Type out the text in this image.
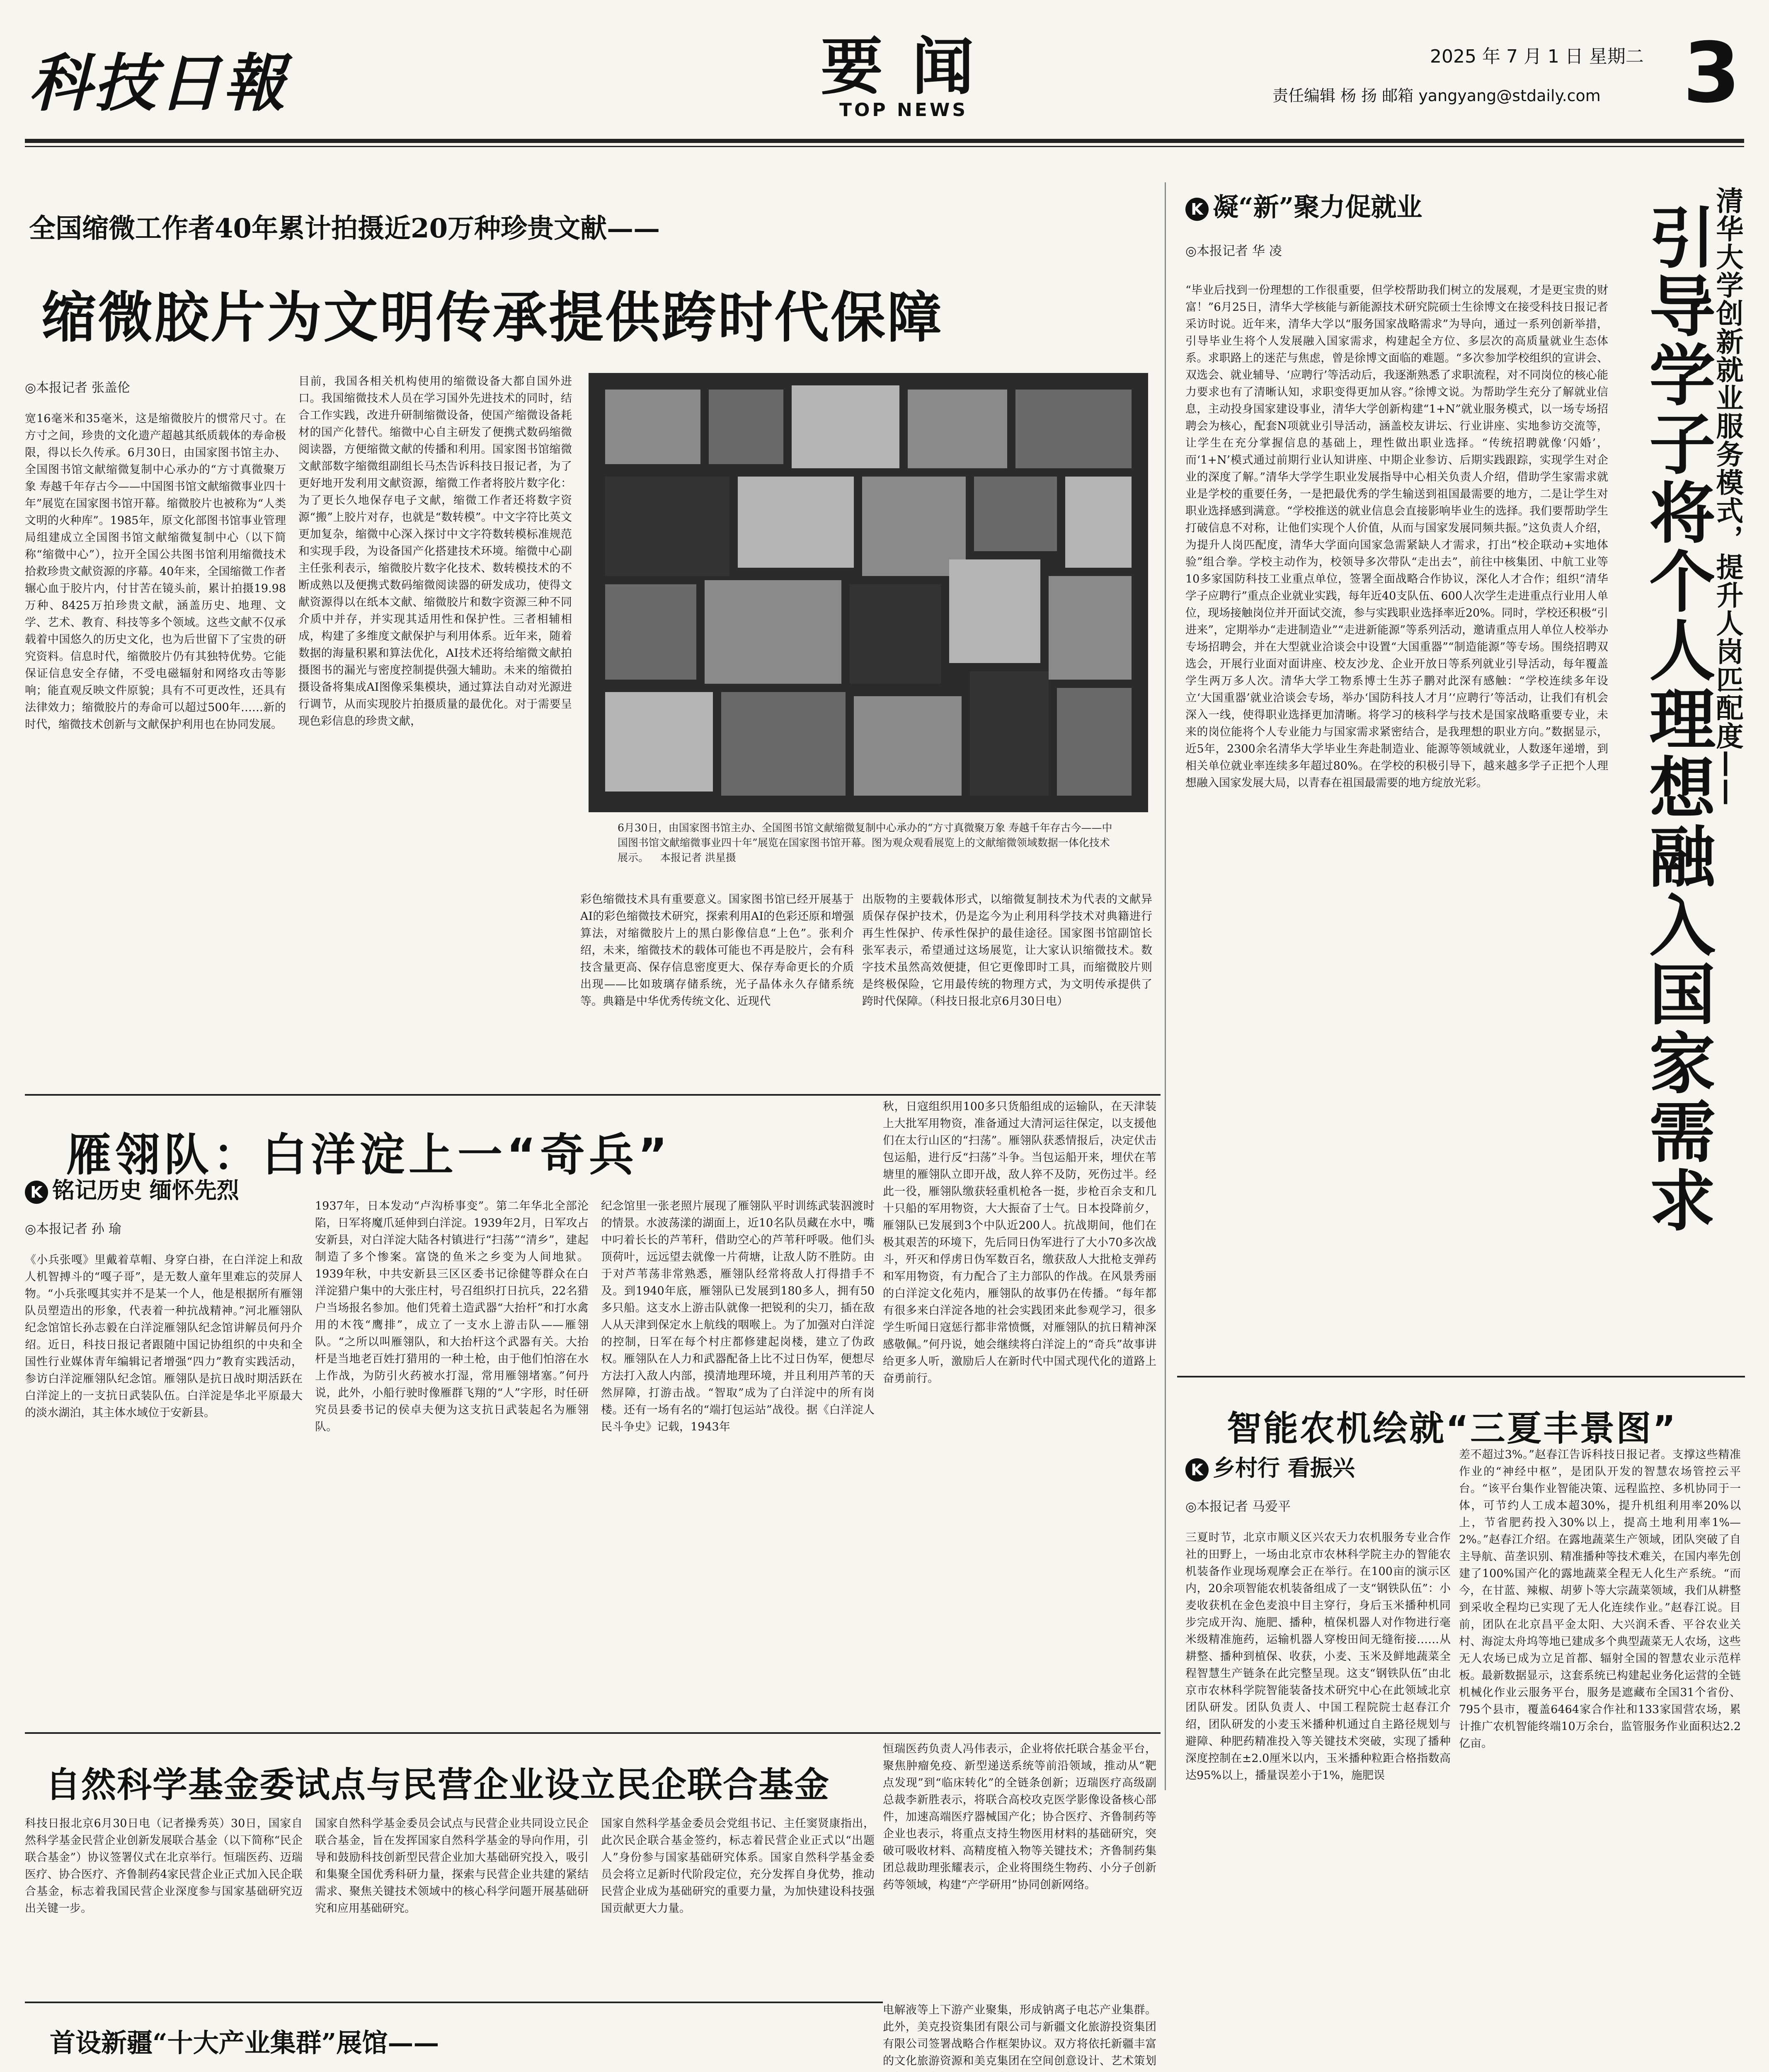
科技日報	要闻
TOP NEWS
2025 年 7 月 1 日 星期二
责任编辑 杨 扬 邮箱 yangyang@stdaily.com 3
全国缩微工作者40年累计拍摄近20万种珍贵文献——
缩微胶片为文明传承提供跨时代保障
◎本报记者 张盖伦
宽16毫米和35毫米，这是缩微胶片的惯常尺寸。在方寸之间，珍贵的文化遗产超越其纸质载体的寿命极限，得以长久传承。6月30日，由国家图书馆主办、全国图书馆文献缩微复制中心承办的“方寸真微聚万象 寿越千年存古今——中国图书馆文献缩微事业四十年”展览在国家图书馆开幕。缩微胶片也被称为“人类文明的火种库”。1985年，原文化部图书馆事业管理局组建成立全国图书馆文献缩微复制中心（以下简称“缩微中心”），拉开全国公共图书馆利用缩微技术拾救珍贵文献资源的序幕。40年来，全国缩微工作者辗心血于胶片内，付甘苦在镜头前，累计拍摄19.98万种、8425万拍珍贵文献，涵盖历史、地理、文学、艺术、教育、科技等多个领域。这些文献不仅承载着中国悠久的历史文化，也为后世留下了宝贵的研究资料。信息时代，缩微胶片仍有其独特优势。它能保证信息安全存储，不受电磁辐射和网络攻击等影响；能直观反映文件原貌；具有不可更改性，还具有法律效力；缩微胶片的寿命可以超过500年……新的时代，缩微技术创新与文献保护利用也在协同发展。
目前，我国各相关机构使用的缩微设备大都自国外进口。我国缩微技术人员在学习国外先进技术的同时，结合工作实践，改进升研制缩微设备，使国产缩微设备耗材的国产化替代。缩微中心自主研发了便携式数码缩微阅读器，方便缩微文献的传播和利用。国家图书馆缩微文献部数字缩微组副组长马杰告诉科技日报记者，为了更好地开发利用文献资源，缩微工作者将胶片数字化：为了更长久地保存电子文献，缩微工作者还将数字资源“搬”上胶片对存，也就是“数转模”。中文字符比英文更加复杂，缩微中心深入探讨中文字符数转模标准规范和实现手段，为设备国产化搭建技术环境。缩微中心副主任张利表示，缩微胶片数字化技术、数转模技术的不断成熟以及便携式数码缩微阅读器的研发成功，使得文献资源得以在纸本文献、缩微胶片和数字资源三种不同介质中并存，并实现其适用性和保护性。三者相辅相成，构建了多维度文献保护与利用体系。近年来，随着数据的海量积累和算法优化，AI技术还将给缩微文献拍摄图书的漏光与密度控制提供强大辅助。未来的缩微拍摄设备将集成AI图像采集模块，通过算法自动对光源进行调节，从而实现胶片拍摄质量的最优化。对于需要呈现色彩信息的珍贵文献，
6月30日，由国家图书馆主办、全国图书馆文献缩微复制中心承办的“方寸真微聚万象 寿越千年存古今——中国图书馆文献缩微事业四十年”展览在国家图书馆开幕。图为观众观看展览上的文献缩微领域数据一体化技术展示。 本报记者 洪星摄
彩色缩微技术具有重要意义。国家图书馆已经开展基于AI的彩色缩微技术研究，探索利用AI的色彩还原和增强算法，对缩微胶片上的黑白影像信息“上色”。张利介绍，未来，缩微技术的载体可能也不再是胶片，会有科技含量更高、保存信息密度更大、保存寿命更长的介质出现——比如玻璃存储系统，光子晶体永久存储系统等。典籍是中华优秀传统文化、近现代
出版物的主要载体形式，以缩微复制技术为代表的文献异质保存保护技术，仍是迄今为止利用科学技术对典籍进行再生性保护、传承性保护的最佳途径。国家图书馆副馆长张军表示，希望通过这场展览，让大家认识缩微技术。数字技术虽然高效便捷，但它更像即时工具，而缩微胶片则是终极保险，它用最传统的物理方式，为文明传承提供了跨时代保障。（科技日报北京6月30日电）
K 凝“新”聚力促就业
◎本报记者 华 凌	清华大学创新就业服务模式，提升人岗匹配度——
引导学子将个人理想融入国家需求
“毕业后找到一份理想的工作很重要，但学校帮助我们树立的发展观，才是更宝贵的财富！”6月25日，清华大学核能与新能源技术研究院硕士生徐博文在接受科技日报记者采访时说。近年来，清华大学以“服务国家战略需求”为导向，通过一系列创新举措，引导毕业生将个人发展融入国家需求，构建起全方位、多层次的高质量就业生态体系。求职路上的迷茫与焦虑，曾是徐博文面临的难题。“多次参加学校组织的宣讲会、双选会、就业辅导、‘应聘行’等活动后，我逐渐熟悉了求职流程，对不同岗位的核心能力要求也有了清晰认知，求职变得更加从容。”徐博文说。为帮助学生充分了解就业信息，主动投身国家建设事业，清华大学创新构建“1+N”就业服务模式，以一场专场招聘会为核心，配套N项就业引导活动，涵盖校友讲坛、行业讲座、实地参访交流等，让学生在充分掌握信息的基础上，理性做出职业选择。“传统招聘就像‘闪婚’，而‘1+N’模式通过前期行业认知讲座、中期企业参访、后期实践跟踪，实现学生对企业的深度了解。”清华大学学生职业发展指导中心相关负责人介绍，借助学生家需求就业是学校的重要任务，一是把最优秀的学生输送到祖国最需要的地方，二是让学生对职业选择感到满意。“学校推送的就业信息会直接影响毕业生的选择。我们要帮助学生打破信息不对称，让他们实现个人价值，从而与国家发展同频共振。”这负责人介绍，为提升人岗匹配度，清华大学面向国家急需紧缺人才需求，打出“校企联动+实地体验”组合拳。学校主动作为，校领导多次带队“走出去”，前往中核集团、中航工业等10多家国防科技工业重点单位，签署全面战略合作协议，深化人才合作；组织“清华学子应聘行”重点企业就业实践，每年近40支队伍、600人次学生走进重点行业用人单位，现场接触岗位并开面试交流，参与实践职业选择率近20%。同时，学校还积极“引进来”，定期举办“走进制造业”“走进新能源”等系列活动，邀请重点用人单位人校举办专场招聘会，并在大型就业洽谈会中设置“大国重器”“制造能源”等专场。围绕招聘双选会，开展行业面对面讲座、校友沙龙、企业开放日等系列就业引导活动，每年覆盖学生两万多人次。清华大学工物系博士生苏子鹏对此深有感触：“学校连续多年设立‘大国重器’就业洽谈会专场，举办‘国防科技人才月’‘应聘行’等活动，让我们有机会深入一线，使得职业选择更加清晰。将学习的核科学与技术是国家战略重要专业，未来的岗位能将个人专业能力与国家需求紧密结合，是我理想的职业方向。”数据显示，近5年，2300余名清华大学毕业生奔赴制造业、能源等领域就业，人数逐年递增，到相关单位就业率连续多年超过80%。在学校的积极引导下，越来越多学子正把个人理想融入国家发展大局，以青春在祖国最需要的地方绽放光彩。
雁翎队：白洋淀上一“奇兵”
K 铭记历史 缅怀先烈
◎本报记者 孙 瑜
《小兵张嘎》里戴着草帽、身穿白褂，在白洋淀上和敌人机智搏斗的“嘎子哥”，是无数人童年里难忘的荧屏人物。“小兵张嘎其实并不是某一个人，他是根据所有雁翎队员塑造出的形象，代表着一种抗战精神。”河北雁翎队纪念馆馆长孙志毅在白洋淀雁翎队纪念馆讲解员何丹介绍。近日，科技日报记者跟随中国记协组织的中央和全国性行业媒体青年编辑记者增强“四力”教育实践活动，参访白洋淀雁翎队纪念馆。雁翎队是抗日战时期活跃在白洋淀上的一支抗日武装队伍。白洋淀是华北平原最大的淡水湖泊，其主体水域位于安新县。
1937年，日本发动“卢沟桥事变”。第二年华北全部沦陷，日军将魔爪延伸到白洋淀。1939年2月，日军攻占安新县，对白洋淀大陆各村镇进行“扫荡”“清乡”，建起制造了多个惨案。富饶的鱼米之乡变为人间地狱。1939年秋，中共安新县三区区委书记徐健等群众在白洋淀猎户集中的大张庄村，号召组织打日抗兵，22名猎户当场报名参加。他们凭着土造武器“大抬杆”和打水禽用的木筏“鹰排”，成立了一支水上游击队——雁翎队。“之所以叫雁翎队，和大抬杆这个武器有关。大抬杆是当地老百姓打猎用的一种土枪，由于他们怕溶在水上作战，为防引火药被水打湿，常用雁翎堵塞。”何丹说，此外，小船行驶时像雁群飞翔的“人”字形，时任研究员县委书记的侯卓夫便为这支抗日武装起名为雁翎队。
纪念馆里一张老照片展现了雁翎队平时训练武装泅渡时的情景。水波荡漾的湖面上，近10名队员藏在水中，嘴中叼着长长的芦苇秆，借助空心的芦苇秆呼吸。他们头顶荷叶，远远望去就像一片荷塘，让敌人防不胜防。由于对芦苇荡非常熟悉，雁翎队经常将敌人打得措手不及。到1940年底，雁翎队已发展到180多人，拥有50多只船。这支水上游击队就像一把锐利的尖刀，插在敌人从天津到保定水上航线的咽喉上。为了加强对白洋淀的控制，日军在每个村庄都修建起岗楼，建立了伪政权。雁翎队在人力和武器配备上比不过日伪军，便想尽方法打入敌人内部，摸清地理环境，并且利用芦苇的天然屏障，打游击战。“智取”成为了白洋淀中的所有岗楼。还有一场有名的“端打包运站”战役。据《白洋淀人民斗争史》记载，1943年
秋，日寇组织用100多只货船组成的运输队，在天津装上大批军用物资，准备通过大清河运往保定，以支援他们在太行山区的“扫荡”。雁翎队获悉情报后，决定伏击包运船，进行反“扫荡”斗争。当包运船开来，埋伏在苇塘里的雁翎队立即开战，敌人猝不及防，死伤过半。经此一役，雁翎队缴获轻重机枪各一挺，步枪百余支和几十只船的军用物资，大大振奋了士气。日本投降前夕，雁翎队已发展到3个中队近200人。抗战期间，他们在极其艰苦的环境下，先后同日伪军进行了大小70多次战斗，歼灭和俘虏日伪军数百名，缴获敌人大批枪支弹药和军用物资，有力配合了主力部队的作战。在风景秀丽的白洋淀文化苑内，雁翎队的故事仍在传播。“每年都有很多来白洋淀各地的社会实践团来此参观学习，很多学生听闻日寇惩行都非常愤慨，对雁翎队的抗日精神深感敬佩。”何丹说，她会继续将白洋淀上的“奇兵”故事讲给更多人听，激励后人在新时代中国式现代化的道路上奋勇前行。
智能农机绘就“三夏丰景图”
K 乡村行 看振兴
◎本报记者 马爱平
三夏时节，北京市顺义区兴农天力农机服务专业合作社的田野上，一场由北京市农林科学院主办的智能农机装备作业现场观摩会正在举行。在100亩的演示区内，20余项智能农机装备组成了一支“钢铁队伍”：小麦收获机在金色麦浪中目主穿行，身后玉米播种机同步完成开沟、施肥、播种，植保机器人对作物进行毫米级精准施药，运输机器人穿梭田间无缝衔接……从耕整、播种到植保、收获，小麦、玉米及鲜地蔬菜全程智慧生产链条在此完整呈现。这支“钢铁队伍”由北京市农林科学院智能装备技术研究中心在此领域北京团队研发。团队负责人、中国工程院院士赵春江介绍，团队研发的小麦玉米播种机通过自主路径规划与避障、种肥药精准投入等关键技术突破，实现了播种深度控制在±2.0厘米以内，玉米播种粒距合格指数高达95%以上，播量误差小于1%，施肥误
差不超过3%。”赵春江告诉科技日报记者。支撑这些精准作业的“神经中枢”，是团队开发的智慧农场管控云平台。“该平台集作业智能决策、远程监控、多机协同于一体，可节约人工成本超30%，提升机组利用率20%以上，节省肥药投入30%以上，提高土地利用率1%—2%。”赵春江介绍。在露地蔬菜生产领域，团队突破了自主导航、苗垄识别、精准播种等技术难关，在国内率先创建了100%国产化的露地蔬菜全程无人化生产系统。“而今，在甘蓝、辣椒、胡萝卜等大宗蔬菜领域，我们从耕整到采收全程均已实现了无人化连续作业。”赵春江说。目前，团队在北京昌平金太阳、大兴润禾香、平谷农业关村、海淀太舟坞等地已建成多个典型蔬菜无人农场，这些无人农场已成为立足首都、辐射全国的智慧农业示范样板。最新数据显示，这套系统已构建起业务化运营的全链机械化作业云服务平台，服务是遮藏布全国31个省份、795个县市，覆盖6464家合作社和133家国营农场，累计推广农机智能终端10万余台，监管服务作业面积达2.2亿亩。
自然科学基金委试点与民营企业设立民企联合基金
科技日报北京6月30日电（记者操秀英）30日，国家自然科学基金民营企业创新发展联合基金（以下简称“民企联合基金”）协议签署仪式在北京举行。恒瑞医药、迈瑞医疗、协合医疗、齐鲁制药4家民营企业正式加入民企联合基金，标志着我国民营企业深度参与国家基础研究迈出关键一步。
国家自然科学基金委员会试点与民营企业共同设立民企联合基金，旨在发挥国家自然科学基金的导向作用，引导和鼓励科技创新型民营企业加大基础研究投入，吸引和集聚全国优秀科研力量，探索与民营企业共建的紧结需求、聚焦关键技术领域中的核心科学问题开展基础研究和应用基础研究。
国家自然科学基金委员会党组书记、主任窦贤康指出，此次民企联合基金签约，标志着民营企业正式以“出题人”身份参与国家基础研究体系。国家自然科学基金委员会将立足新时代阶段定位，充分发挥自身优势，推动民营企业成为基础研究的重要力量，为加快建设科技强国贡献更大力量。
恒瑞医药负责人冯伟表示，企业将依托联合基金平台，聚焦肿瘤免疫、新型递送系统等前沿领域，推动从“靶点发现”到“临床转化”的全链条创新；迈瑞医疗高级副总裁李新胜表示，将联合高校攻克医学影像设备核心部件，加速高端医疗器械国产化；协合医疗、齐鲁制药等企业也表示，将重点支持生物医用材料的基础研究，突破可吸收材料、高精度植入物等关键技术；齐鲁制药集团总裁助理张耀表示，企业将围绕生物药、小分子创新药等领域，构建“产学研用”协同创新网络。
首设新疆“十大产业集群”展馆——
电解液等上下游产业聚集，形成钠离子电芯产业集群。此外，美克投资集团有限公司与新疆文化旅游投资集团有限公司签署战略合作框架协议。双方将依托新疆丰富的文化旅游资源和美克集团在空间创意设计、艺术策划
